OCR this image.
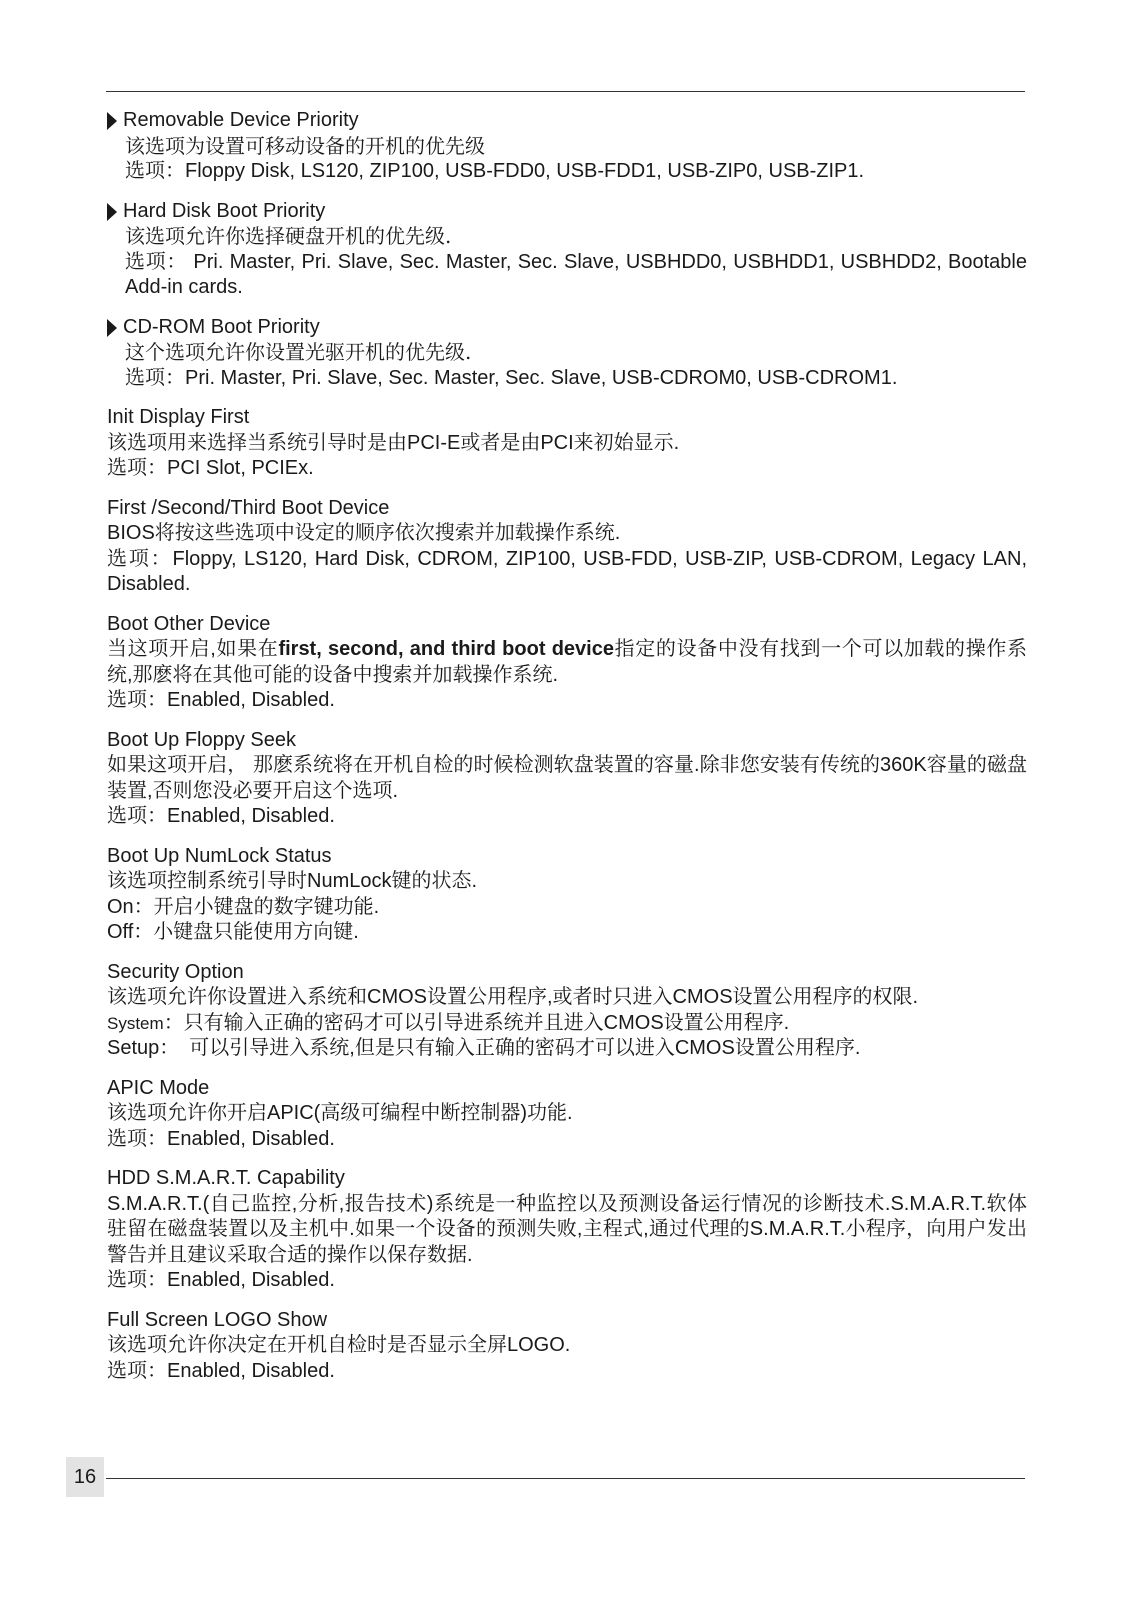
Removable Device Priority
该选项为设置可移动设备的开机的优先级
选项：Floppy Disk, LS120, ZIP100, USB-FDD0, USB-FDD1, USB-ZIP0, USB-ZIP1.
Hard Disk Boot Priority
该选项允许你选择硬盘开机的优先级.
选项： Pri. Master, Pri. Slave, Sec. Master, Sec. Slave, USBHDD0, USBHDD1, USBHDD2, Bootable Add-in cards.
CD-ROM Boot Priority
这个选项允许你设置光驱开机的优先级.
选项：Pri. Master, Pri. Slave, Sec. Master, Sec. Slave, USB-CDROM0, USB-CDROM1.
Init Display First
该选项用来选择当系统引导时是由PCI-E或者是由PCI来初始显示.
选项：PCI Slot, PCIEx.
First /Second/Third Boot Device
BIOS将按这些选项中设定的顺序依次搜索并加载操作系统.
选项：Floppy, LS120, Hard Disk, CDROM, ZIP100, USB-FDD, USB-ZIP, USB-CDROM, Legacy LAN, Disabled.
Boot Other Device
当这项开启,如果在first, second, and third boot device指定的设备中没有找到一个可以加载的操作系统,那麽将在其他可能的设备中搜索并加载操作系统.
选项：Enabled, Disabled.
Boot Up Floppy Seek
如果这项开启， 那麽系统将在开机自检的时候检测软盘装置的容量.除非您安装有传统的360K容量的磁盘装置,否则您没必要开启这个选项.
选项：Enabled, Disabled.
Boot Up NumLock Status
该选项控制系统引导时NumLock键的状态.
On：开启小键盘的数字键功能.
Off：小键盘只能使用方向键.
Security Option
该选项允许你设置进入系统和CMOS设置公用程序,或者时只进入CMOS设置公用程序的权限.
System：只有输入正确的密码才可以引导进系统并且进入CMOS设置公用程序.
Setup：　可以引导进入系统,但是只有输入正确的密码才可以进入CMOS设置公用程序.
APIC Mode
该选项允许你开启APIC(高级可编程中断控制器)功能.
选项：Enabled, Disabled.
HDD S.M.A.R.T. Capability
S.M.A.R.T.(自己监控,分析,报告技术)系统是一种监控以及预测设备运行情况的诊断技术.S.M.A.R.T.软体驻留在磁盘装置以及主机中.如果一个设备的预测失败,主程式,通过代理的S.M.A.R.T.小程序，向用户发出警告并且建议采取合适的操作以保存数据.
选项：Enabled, Disabled.
Full Screen LOGO Show
该选项允许你决定在开机自检时是否显示全屏LOGO.
选项：Enabled, Disabled.
16
